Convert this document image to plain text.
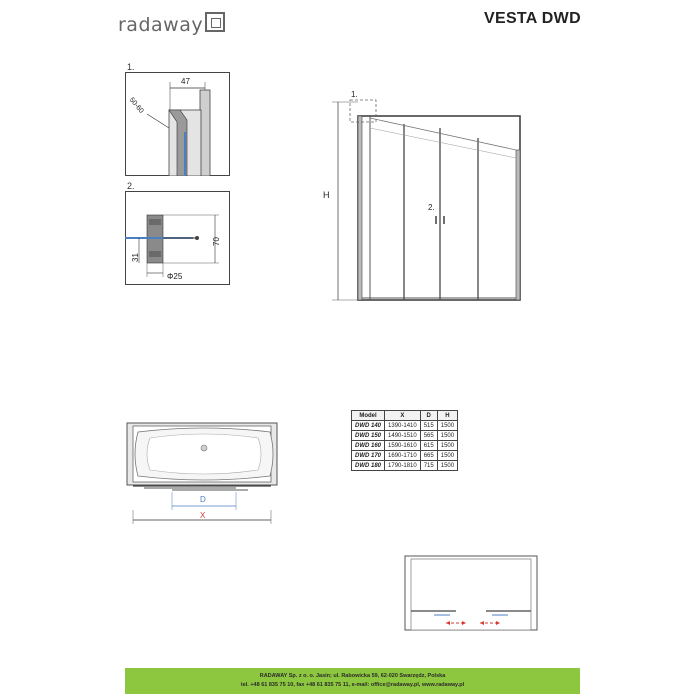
radaway	VESTA DWD
1.
47
50-60
2.
70
31
Φ25
1.
2.
H
D
X
Model	X	D	H
DWD 140	1390-1410	515	1500
DWD 150	1490-1510	565	1500
DWD 160	1590-1610	615	1500
DWD 170	1690-1710	665	1500
DWD 180	1790-1810	715	1500
RADAWAY Sp. z o. o. Jasin; ul. Rabowicka 59, 62-020 Swarzędz, Polska
tel. +48 61 835 75 10, fax +48 61 835 75 11, e-mail: office@radaway.pl, www.radaway.pl
